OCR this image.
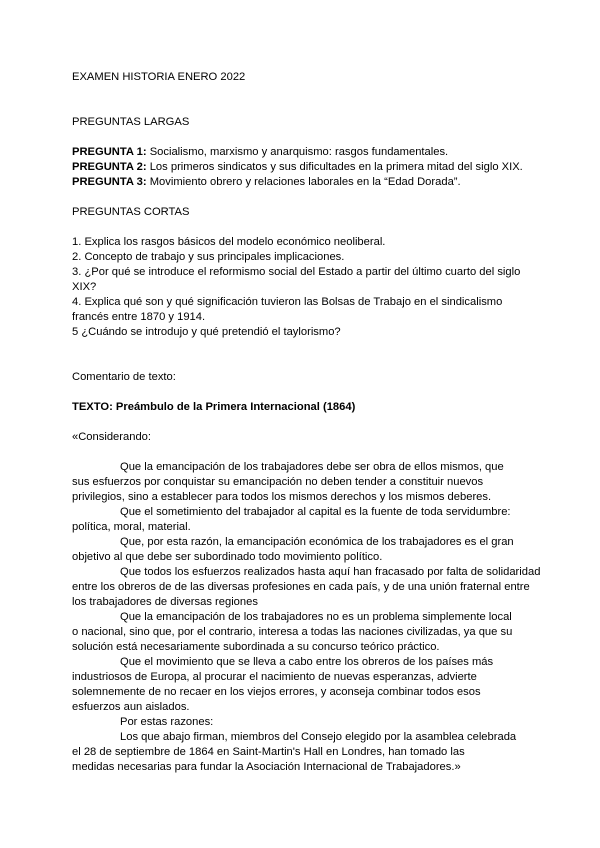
EXAMEN HISTORIA ENERO 2022
PREGUNTAS LARGAS
PREGUNTA 1: Socialismo, marxismo y anarquismo: rasgos fundamentales.
PREGUNTA 2: Los primeros sindicatos y sus dificultades en la primera mitad del siglo XIX.
PREGUNTA 3: Movimiento obrero y relaciones laborales en la “Edad Dorada”.
PREGUNTAS CORTAS
1. Explica los rasgos básicos del modelo económico neoliberal.
2. Concepto de trabajo y sus principales implicaciones.
3. ¿Por qué se introduce el reformismo social del Estado a partir del último cuarto del siglo
XIX?
4. Explica qué son y qué significación tuvieron las Bolsas de Trabajo en el sindicalismo
francés entre 1870 y 1914.
5 ¿Cuándo se introdujo y qué pretendió el taylorismo?
Comentario de texto:
TEXTO: Preámbulo de la Primera Internacional (1864)
«Considerando:
Que la emancipación de los trabajadores debe ser obra de ellos mismos, que
sus esfuerzos por conquistar su emancipación no deben tender a constituir nuevos
privilegios, sino a establecer para todos los mismos derechos y los mismos deberes.
Que el sometimiento del trabajador al capital es la fuente de toda servidumbre:
política, moral, material.
Que, por esta razón, la emancipación económica de los trabajadores es el gran
objetivo al que debe ser subordinado todo movimiento político.
Que todos los esfuerzos realizados hasta aquí han fracasado por falta de solidaridad
entre los obreros de de las diversas profesiones en cada país, y de una unión fraternal entre
los trabajadores de diversas regiones
Que la emancipación de los trabajadores no es un problema simplemente local
o nacional, sino que, por el contrario, interesa a todas las naciones civilizadas, ya que su
solución está necesariamente subordinada a su concurso teórico práctico.
Que el movimiento que se lleva a cabo entre los obreros de los países más
industriosos de Europa, al procurar el nacimiento de nuevas esperanzas, advierte
solemnemente de no recaer en los viejos errores, y aconseja combinar todos esos
esfuerzos aun aislados.
Por estas razones:
Los que abajo firman, miembros del Consejo elegido por la asamblea celebrada
el 28 de septiembre de 1864 en Saint-Martin's Hall en Londres, han tomado las
medidas necesarias para fundar la Asociación Internacional de Trabajadores.»
